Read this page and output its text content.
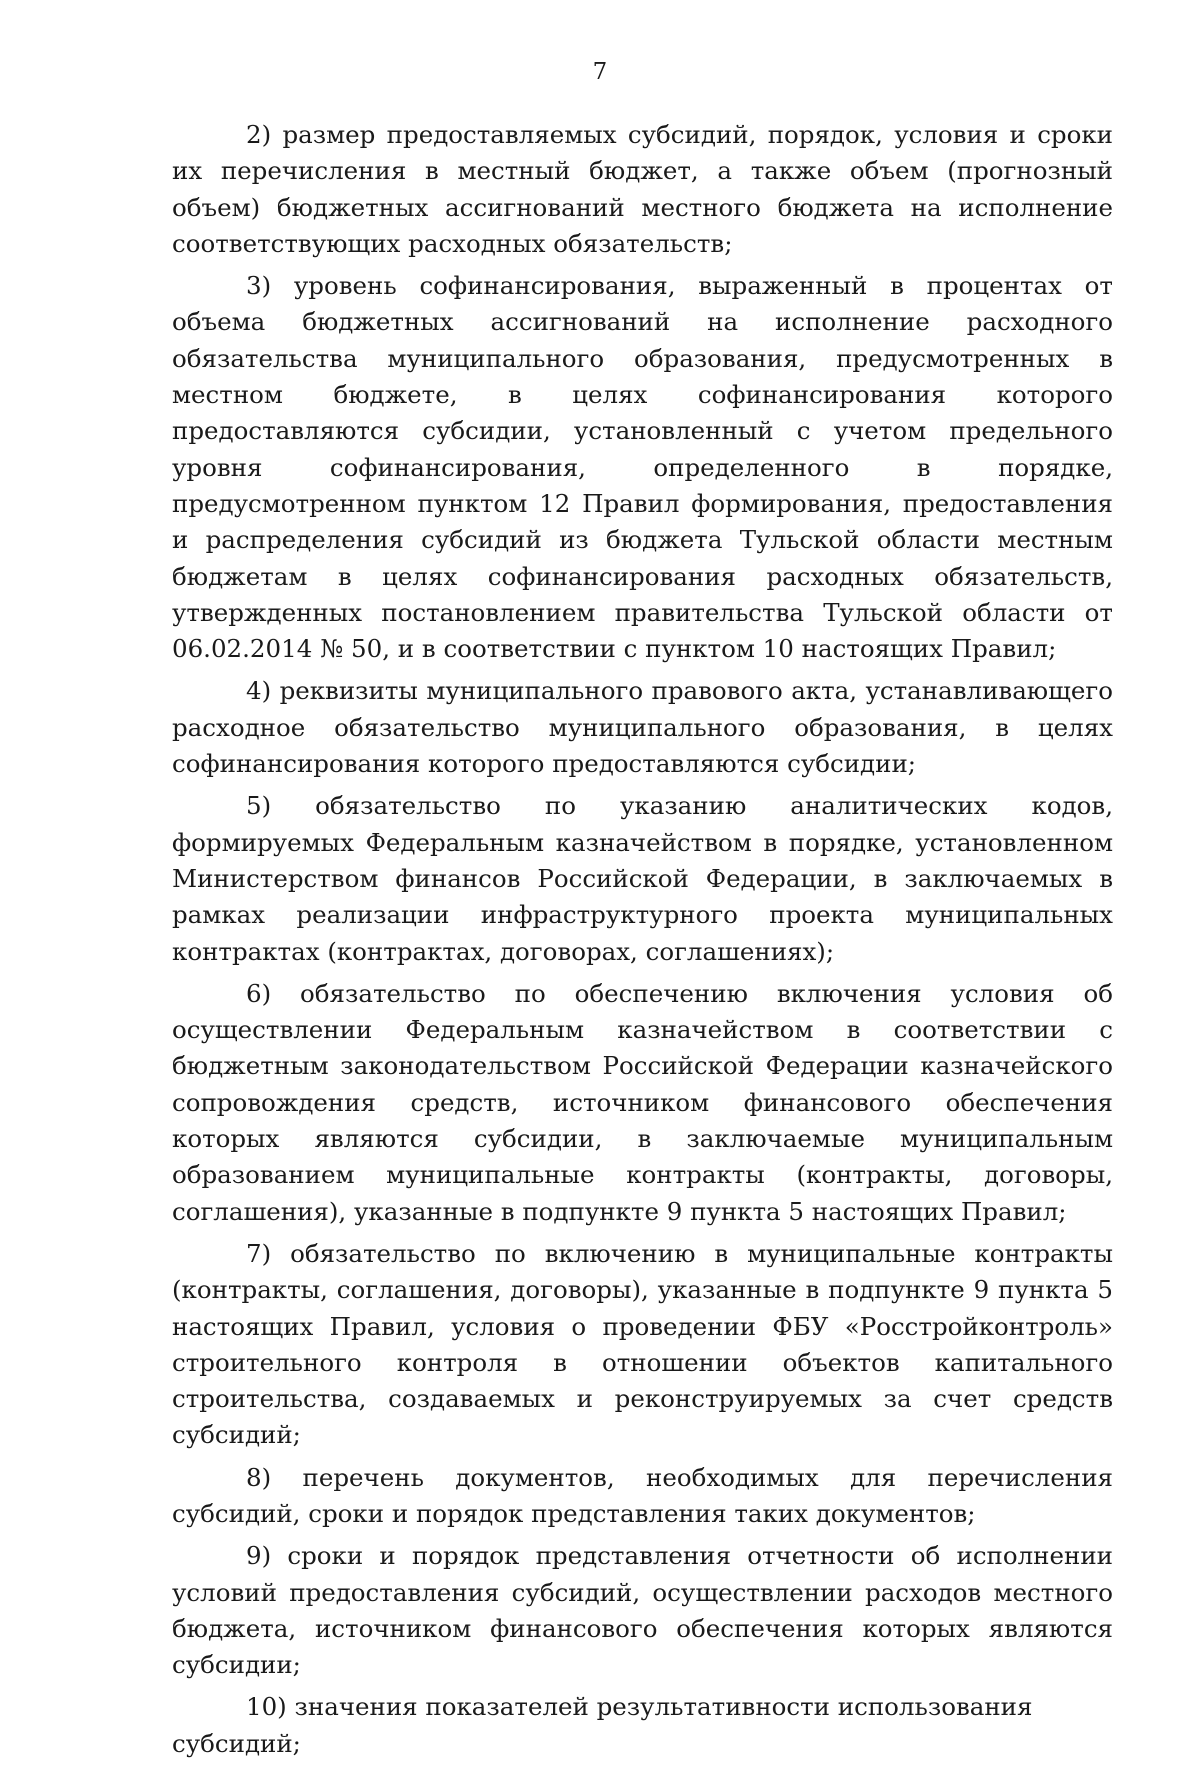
7

2) размер предоставляемых субсидий, порядок, условия и сроки их перечисления в местный бюджет, а также объем (прогнозный объем) бюджетных ассигнований местного бюджета на исполнение соответствующих расходных обязательств;

3) уровень софинансирования, выраженный в процентах от объема бюджетных ассигнований на исполнение расходного обязательства муниципального образования, предусмотренных в местном бюджете, в целях софинансирования которого предоставляются субсидии, установленный с учетом предельного уровня софинансирования, определенного в порядке, предусмотренном пунктом 12 Правил формирования, предоставления и распределения субсидий из бюджета Тульской области местным бюджетам в целях софинансирования расходных обязательств, утвержденных постановлением правительства Тульской области от 06.02.2014 № 50, и в соответствии с пунктом 10 настоящих Правил;

4) реквизиты муниципального правового акта, устанавливающего расходное обязательство муниципального образования, в целях софинансирования которого предоставляются субсидии;

5) обязательство по указанию аналитических кодов, формируемых Федеральным казначейством в порядке, установленном Министерством финансов Российской Федерации, в заключаемых в рамках реализации инфраструктурного проекта муниципальных контрактах (контрактах, договорах, соглашениях);

6) обязательство по обеспечению включения условия об осуществлении Федеральным казначейством в соответствии с бюджетным законодательством Российской Федерации казначейского сопровождения средств, источником финансового обеспечения которых являются субсидии, в заключаемые муниципальным образованием муниципальные контракты (контракты, договоры, соглашения), указанные в подпункте 9 пункта 5 настоящих Правил;

7) обязательство по включению в муниципальные контракты (контракты, соглашения, договоры), указанные в подпункте 9 пункта 5 настоящих Правил, условия о проведении ФБУ «Росстройконтроль» строительного контроля в отношении объектов капитального строительства, создаваемых и реконструируемых за счет средств субсидий;

8) перечень документов, необходимых для перечисления субсидий, сроки и порядок представления таких документов;

9) сроки и порядок представления отчетности об исполнении условий предоставления субсидий, осуществлении расходов местного бюджета, источником финансового обеспечения которых являются субсидии;

10) значения показателей результативности использования субсидий;
